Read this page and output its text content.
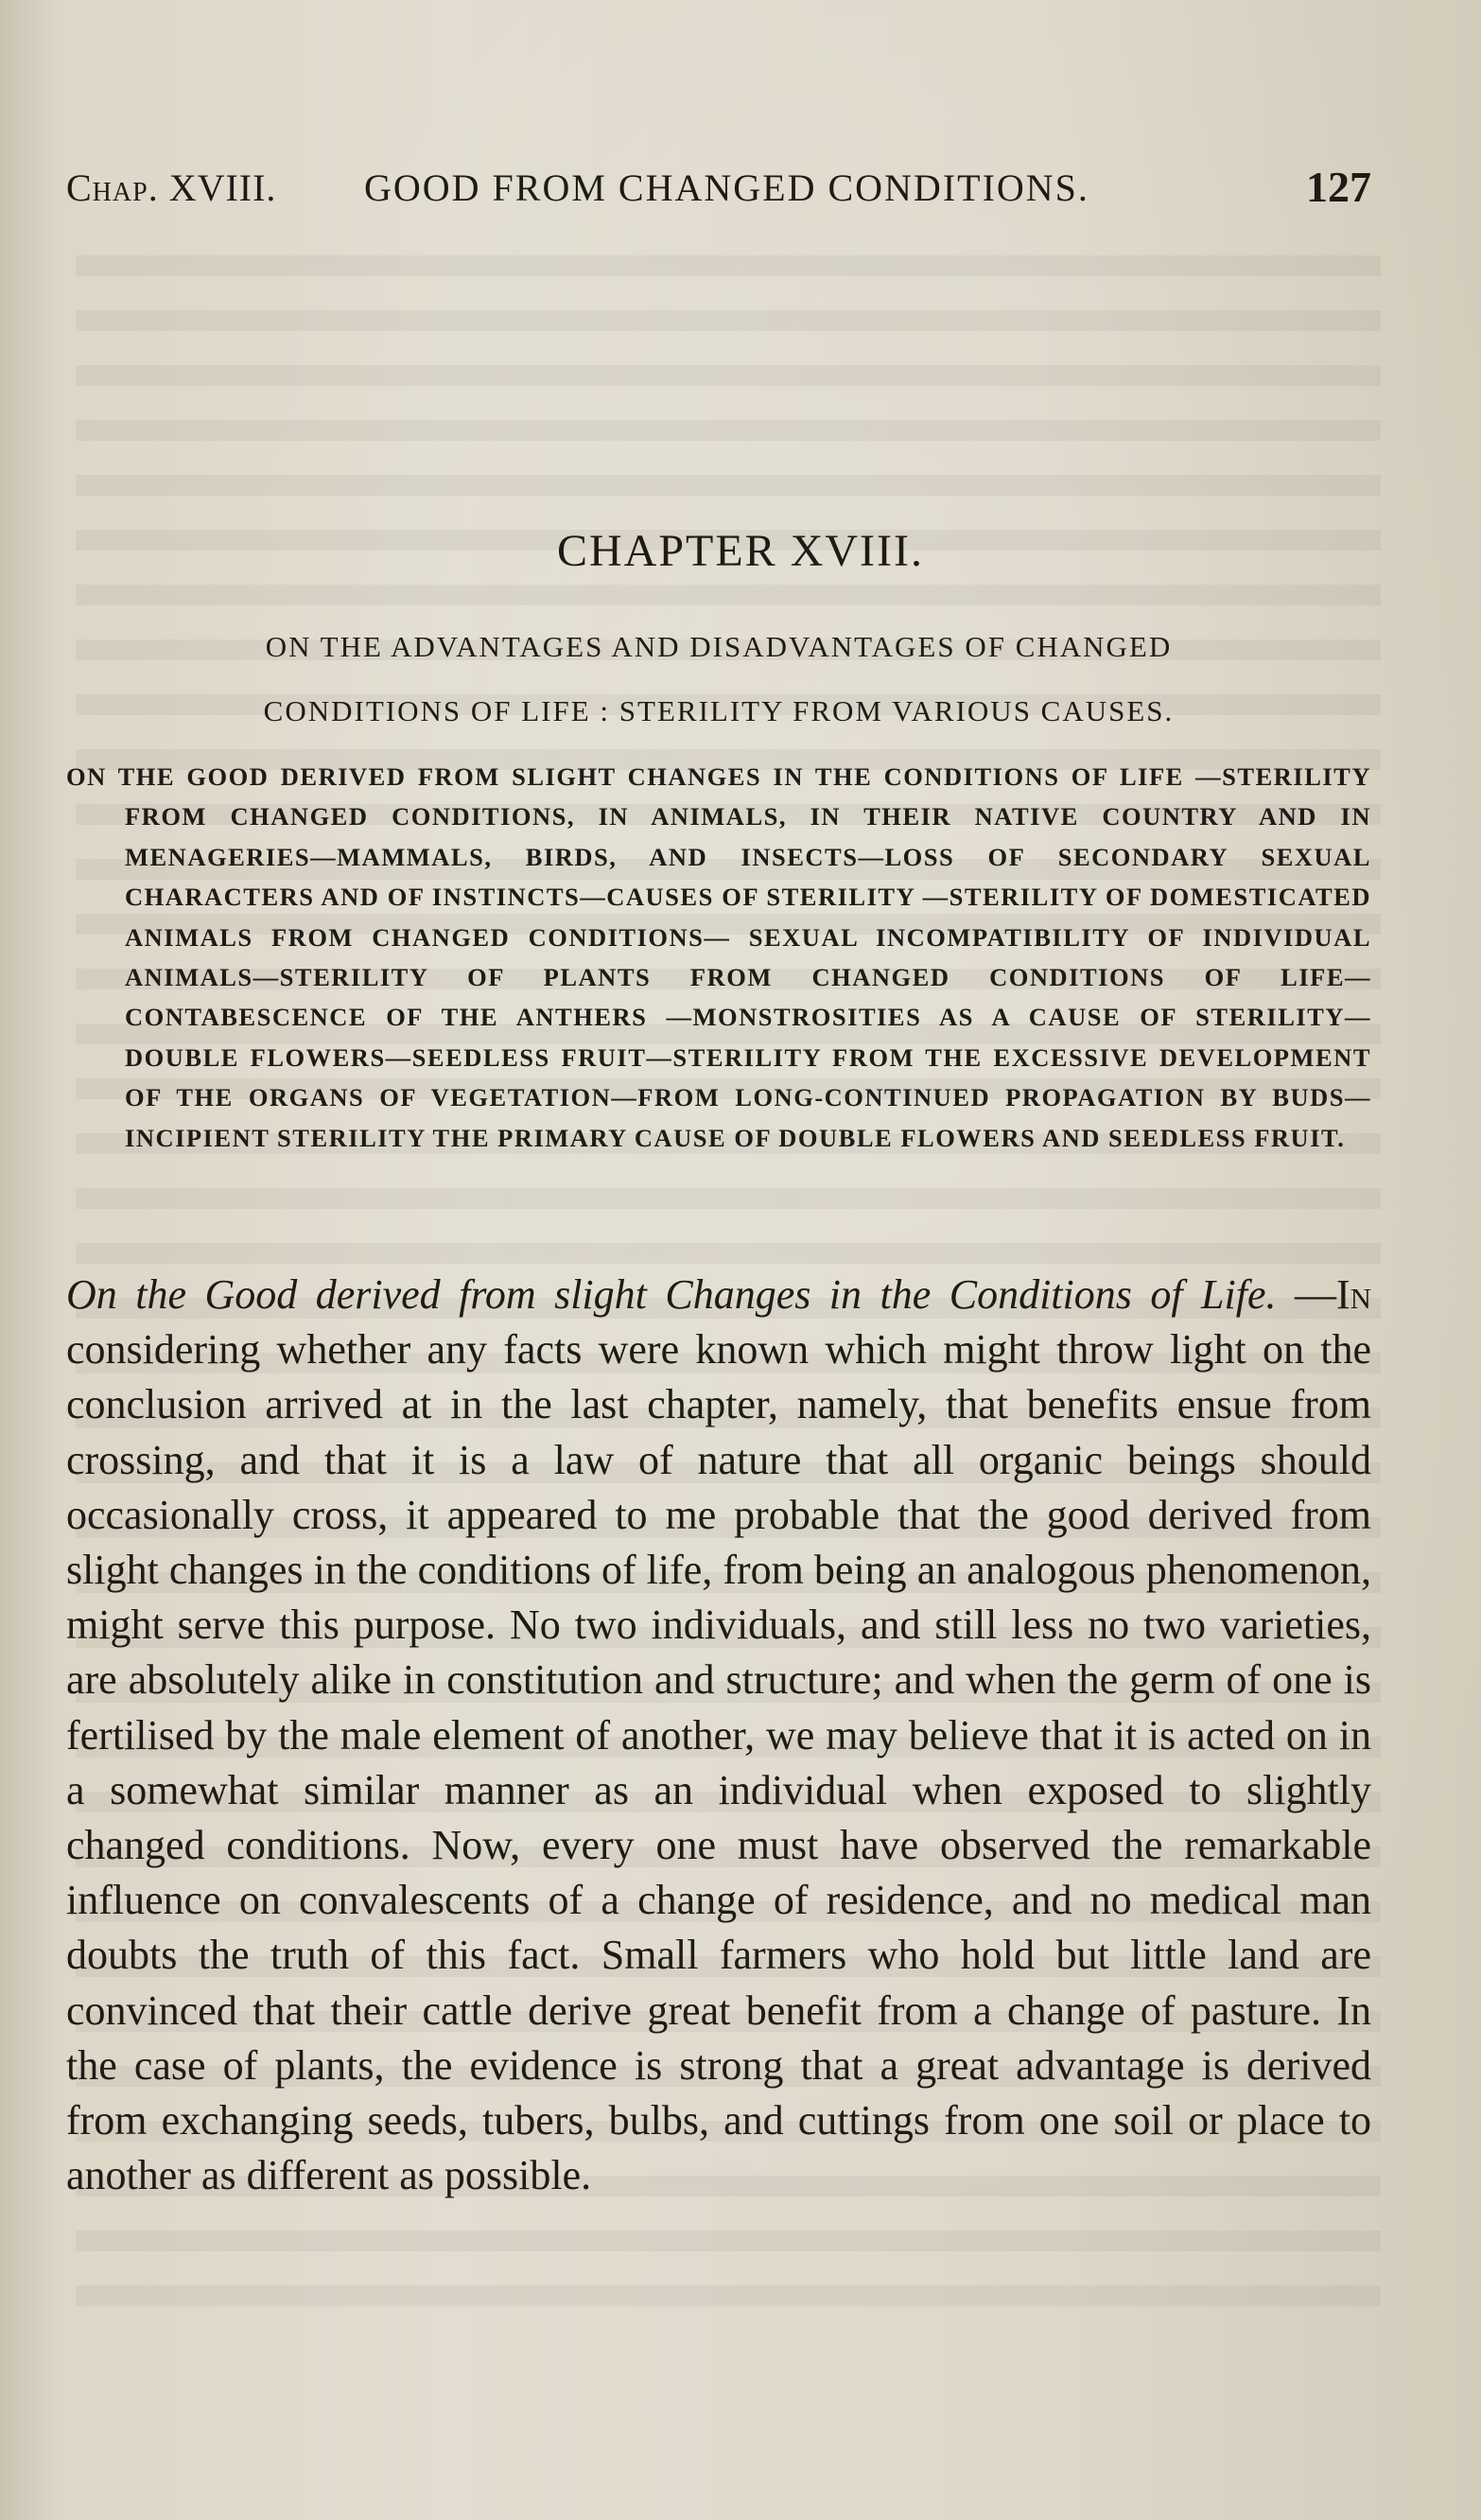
Chap. XVIII. GOOD FROM CHANGED CONDITIONS.	127
CHAPTER XVIII.
ON THE ADVANTAGES AND DISADVANTAGES OF CHANGED
CONDITIONS OF LIFE : STERILITY FROM VARIOUS CAUSES.
ON THE GOOD DERIVED FROM SLIGHT CHANGES IN THE CONDITIONS OF LIFE —STERILITY FROM CHANGED CONDITIONS, IN ANIMALS, IN THEIR NATIVE COUNTRY AND IN MENAGERIES—MAMMALS, BIRDS, AND INSECTS—LOSS OF SECONDARY SEXUAL CHARACTERS AND OF INSTINCTS—CAUSES OF STERILITY —STERILITY OF DOMESTICATED ANIMALS FROM CHANGED CONDITIONS— SEXUAL INCOMPATIBILITY OF INDIVIDUAL ANIMALS—STERILITY OF PLANTS FROM CHANGED CONDITIONS OF LIFE—CONTABESCENCE OF THE ANTHERS —MONSTROSITIES AS A CAUSE OF STERILITY—DOUBLE FLOWERS—SEEDLESS FRUIT—STERILITY FROM THE EXCESSIVE DEVELOPMENT OF THE ORGANS OF VEGETATION—FROM LONG-CONTINUED PROPAGATION BY BUDS—INCIPIENT STERILITY THE PRIMARY CAUSE OF DOUBLE FLOWERS AND SEEDLESS FRUIT.
On the Good derived from slight Changes in the Conditions of Life. —In considering whether any facts were known which might throw light on the conclusion arrived at in the last chapter, namely, that benefits ensue from crossing, and that it is a law of nature that all organic beings should occasionally cross, it appeared to me probable that the good derived from slight changes in the conditions of life, from being an analogous phenomenon, might serve this purpose. No two individuals, and still less no two varieties, are absolutely alike in constitution and structure; and when the germ of one is fertilised by the male element of another, we may believe that it is acted on in a somewhat similar manner as an individual when exposed to slightly changed conditions. Now, every one must have observed the remarkable influence on convalescents of a change of residence, and no medical man doubts the truth of this fact. Small farmers who hold but little land are convinced that their cattle derive great benefit from a change of pasture. In the case of plants, the evidence is strong that a great advantage is derived from exchanging seeds, tubers, bulbs, and cuttings from one soil or place to another as different as possible.
